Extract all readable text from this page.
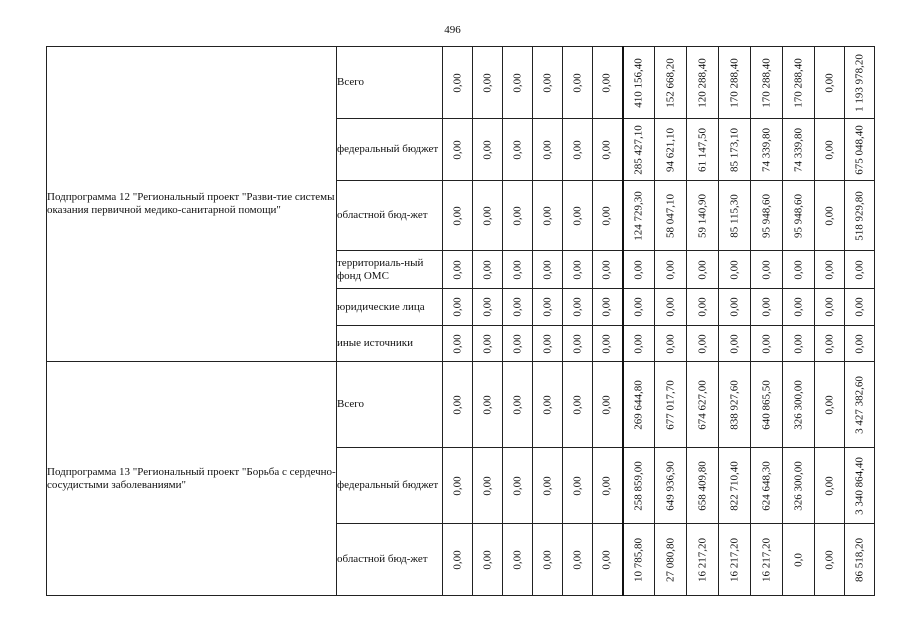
496
Подпрограмма 12 "Региональный проект "Разви-тие системы оказания первичной медико-санитарной помощи"	Всего	0,00	0,00	0,00	0,00	0,00	0,00	410 156,40	152 668,20	120 288,40	170 288,40	170 288,40	170 288,40	0,00	1 193 978,20

	федеральный бюджет	0,00	0,00	0,00	0,00	0,00	0,00	285 427,10	94 621,10	61 147,50	85 173,10	74 339,80	74 339,80	0,00	675 048,40

	областной бюд-жет	0,00	0,00	0,00	0,00	0,00	0,00	124 729,30	58 047,10	59 140,90	85 115,30	95 948,60	95 948,60	0,00	518 929,80

	территориаль-ный фонд ОМС	0,00	0,00	0,00	0,00	0,00	0,00	0,00	0,00	0,00	0,00	0,00	0,00	0,00	0,00

	юридические лица	0,00	0,00	0,00	0,00	0,00	0,00	0,00	0,00	0,00	0,00	0,00	0,00	0,00	0,00

	иные источники	0,00	0,00	0,00	0,00	0,00	0,00	0,00	0,00	0,00	0,00	0,00	0,00	0,00	0,00

Подпрограмма 13 "Региональный проект "Борьба с сердечно-сосудистыми заболеваниями"	Всего	0,00	0,00	0,00	0,00	0,00	0,00	269 644,80	677 017,70	674 627,00	838 927,60	640 865,50	326 300,00	0,00	3 427 382,60

	федеральный бюджет	0,00	0,00	0,00	0,00	0,00	0,00	258 859,00	649 936,90	658 409,80	822 710,40	624 648,30	326 300,00	0,00	3 340 864,40

	областной бюд-жет	0,00	0,00	0,00	0,00	0,00	0,00	10 785,80	27 080,80	16 217,20	16 217,20	16 217,20	0,0	0,00	86 518,20
